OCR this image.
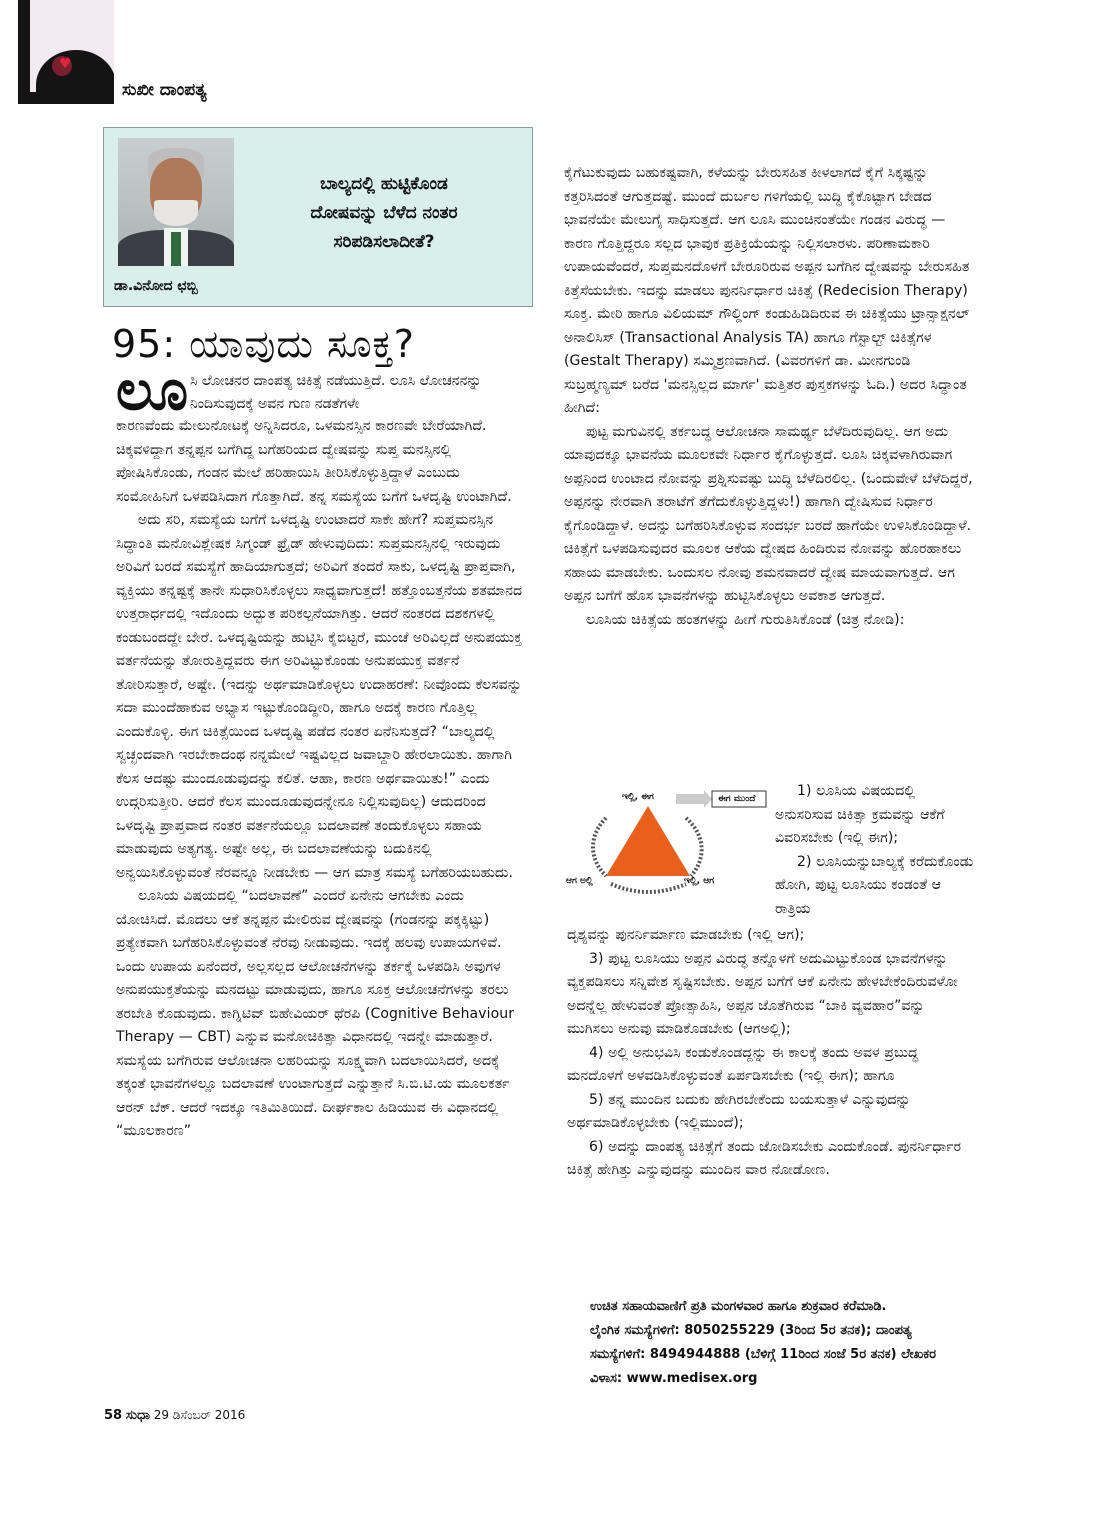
♥
ಸುಖೀ ದಾಂಪತ್ಯ
ಡಾ.ವಿನೋದ ಛಬ್ಬಿ
ಬಾಲ್ಯದಲ್ಲಿ ಹುಟ್ಟಿಕೊಂಡ
ದೋಷವನ್ನು ಬೆಳೆದ ನಂತರ
ಸರಿಪಡಿಸಲಾದೀತೆ?
95: ಯಾವುದು ಸೂಕ್ತ?
ಲೂ ಸಿ ಲೋಚನರ ದಾಂಪತ್ಯ ಚಿಕಿತ್ಸೆ ನಡೆಯುತ್ತಿದೆ. ಲೂಸಿ ಲೋಚನನನ್ನು ನಿಂದಿಸುವುದಕ್ಕೆ ಅವನ ಗುಣ ನಡತೆಗಳೇ

ಕಾರಣವೆಂದು ಮೇಲುನೋಟಕ್ಕೆ ಅನ್ನಿಸಿದರೂ, ಒಳಮನಸ್ಸಿನ ಕಾರಣವೇ ಬೇರೆಯಾಗಿದೆ. ಚಿಕ್ಕವಳಿದ್ದಾಗ ತನ್ನಪ್ಪನ ಬಗೆಗಿದ್ದ ಬಗೆಹರಿಯದ ದ್ವೇಷವನ್ನು ಸುಪ್ತ ಮನಸ್ಸಿನಲ್ಲಿ ಪೋಷಿಸಿಕೊಂಡು, ಗಂಡನ ಮೇಲೆ ಹರಿಹಾಯಿಸಿ ತೀರಿಸಿಕೊಳ್ಳುತ್ತಿದ್ದಾಳೆ ಎಂಬುದು ಸಂಮೋಹಿನಿಗೆ ಒಳಪಡಿಸಿದಾಗ ಗೊತ್ತಾಗಿದೆ. ತನ್ನ ಸಮಸ್ಯೆಯ ಬಗೆಗೆ ಒಳದೃಷ್ಟಿ ಉಂಟಾಗಿದೆ.

ಅದು ಸರಿ, ಸಮಸ್ಯೆಯ ಬಗೆಗೆ ಒಳದೃಷ್ಟಿ ಉಂಟಾದರೆ ಸಾಕೇ ಹೇಗೆ? ಸುಪ್ತಮನಸ್ಸಿನ ಸಿದ್ಧಾಂತಿ ಮನೋವಿಶ್ಲೇಷಕ ಸಿಗ್ಮಂಡ್ ಫ್ರೈಡ್ ಹೇಳುವುದಿದು: ಸುಪ್ತಮನಸ್ಸಿನಲ್ಲಿ ಇರುವುದು ಅರಿವಿಗೆ ಬರದೆ ಸಮಸ್ಯೆಗೆ ಹಾದಿಯಾಗುತ್ತದೆ; ಅರಿವಿಗೆ ತಂದರೆ ಸಾಕು, ಒಳದೃಷ್ಟಿ ಪ್ರಾಪ್ತವಾಗಿ, ವ್ಯಕ್ತಿಯು ತನ್ನಷ್ಟಕ್ಕೆ ತಾನೇ ಸುಧಾರಿಸಿಕೊಳ್ಳಲು ಸಾಧ್ಯವಾಗುತ್ತದೆ! ಹತ್ತೊಂಬತ್ತನೆಯ ಶತಮಾನದ ಉತ್ತರಾರ್ಧದಲ್ಲಿ ಇದೊಂದು ಅದ್ಭುತ ಪರಿಕಲ್ಪನೆಯಾಗಿತ್ತು. ಆದರೆ ನಂತರದ ದಶಕಗಳಲ್ಲಿ ಕಂಡುಬಂದದ್ದೇ ಬೇರೆ. ಒಳದೃಷ್ಟಿಯನ್ನು ಹುಟ್ಟಿಸಿ ಕೈಬಿಟ್ಟರೆ, ಮುಂಚೆ ಅರಿವಿಲ್ಲದೆ ಅನುಪಯುಕ್ತ ವರ್ತನೆಯನ್ನು ತೋರುತ್ತಿದ್ದವರು ಈಗ ಅರಿವಿಟ್ಟುಕೊಂಡು ಅನುಪಯುಕ್ತ ವರ್ತನೆ ತೋರಿಸುತ್ತಾರೆ, ಅಷ್ಟೇ. (ಇದನ್ನು ಅರ್ಥಮಾಡಿಕೊಳ್ಳಲು ಉದಾಹರಣೆ: ನೀವೊಂದು ಕೆಲಸವನ್ನು ಸದಾ ಮುಂದೆಹಾಕುವ ಅಭ್ಯಾಸ ಇಟ್ಟುಕೊಂಡಿದ್ದೀರಿ, ಹಾಗೂ ಅದಕ್ಕೆ ಕಾರಣ ಗೊತ್ತಿಲ್ಲ ಎಂದುಕೊಳ್ಳಿ. ಈಗ ಚಿಕಿತ್ಸೆಯಿಂದ ಒಳದೃಷ್ಟಿ ಪಡೆದ ನಂತರ ಏನೆನಿಸುತ್ತದೆ? “ಬಾಲ್ಯದಲ್ಲಿ ಸ್ವಚ್ಛಂದವಾಗಿ ಇರಬೇಕಾದಂಥ ನನ್ನಮೇಲೆ ಇಷ್ಟವಿಲ್ಲದ ಜವಾಬ್ದಾರಿ ಹೇರಲಾಯಿತು. ಹಾಗಾಗಿ ಕೆಲಸ ಆದಷ್ಟು ಮುಂದೂಡುವುದನ್ನು ಕಲಿತೆ. ಆಹಾ, ಕಾರಣ ಅರ್ಥವಾಯಿತು!” ಎಂದು ಉದ್ಗರಿಸುತ್ತೀರಿ. ಆದರೆ ಕೆಲಸ ಮುಂದೂಡುವುದನ್ನೇನೂ ನಿಲ್ಲಿಸುವುದಿಲ್ಲ) ಆದುದರಿಂದ ಒಳದೃಷ್ಟಿ ಪ್ರಾಪ್ತವಾದ ನಂತರ ವರ್ತನೆಯಲ್ಲೂ ಬದಲಾವಣೆ ತಂದುಕೊಳ್ಳಲು ಸಹಾಯ ಮಾಡುವುದು ಅತ್ಯಗತ್ಯ. ಅಷ್ಟೇ ಅಲ್ಲ, ಈ ಬದಲಾವಣೆಯನ್ನು ಬದುಕಿನಲ್ಲಿ ಅನ್ವಯಿಸಿಕೊಳ್ಳುವಂತೆ ನೆರವನ್ನೂ ನೀಡಬೇಕು — ಆಗ ಮಾತ್ರ ಸಮಸ್ಯೆ ಬಗೆಹರಿಯಬಹುದು.

ಲೂಸಿಯ ವಿಷಯದಲ್ಲಿ “ಬದಲಾವಣೆ” ಎಂದರೆ ಏನೇನು ಆಗಬೇಕು ಎಂದು ಯೋಚಿಸಿದೆ. ಮೊದಲು ಆಕೆ ತನ್ನಪ್ಪನ ಮೇಲಿರುವ ದ್ವೇಷವನ್ನು (ಗಂಡನನ್ನು ಪಕ್ಕಕ್ಕಿಟ್ಟು) ಪ್ರತ್ಯೇಕವಾಗಿ ಬಗೆಹರಿಸಿಕೊಳ್ಳುವಂತೆ ನೆರವು ನೀಡುವುದು. ಇದಕ್ಕೆ ಹಲವು ಉಪಾಯಗಳಿವೆ. ಒಂದು ಉಪಾಯ ಏನೆಂದರೆ, ಅಲ್ಲಸಲ್ಲದ ಆಲೋಚನೆಗಳನ್ನು ತರ್ಕಕ್ಕೆ ಒಳಪಡಿಸಿ ಅವುಗಳ ಅನುಪಯುಕ್ತತೆಯನ್ನು ಮನದಟ್ಟು ಮಾಡುವುದು, ಹಾಗೂ ಸೂಕ್ತ ಆಲೋಚನೆಗಳನ್ನು ತರಲು ತರಬೇತಿ ಕೊಡುವುದು. ಕಾಗ್ನಿಟಿವ್ ಬಿಹೇವಿಯರ್ ಥೆರಪಿ (Cognitive Behaviour Therapy — CBT) ಎನ್ನುವ ಮನೋಚಿಕಿತ್ಸಾ ವಿಧಾನದಲ್ಲಿ ಇದನ್ನೇ ಮಾಡುತ್ತಾರೆ. ಸಮಸ್ಯೆಯ ಬಗೆಗಿರುವ ಆಲೋಚನಾ ಲಹರಿಯನ್ನು ಸೂಕ್ಷ್ಮವಾಗಿ ಬದಲಾಯಿಸಿದರೆ, ಅದಕ್ಕೆ ತಕ್ಕಂತೆ ಭಾವನೆಗಳಲ್ಲೂ ಬದಲಾವಣೆ ಉಂಟಾಗುತ್ತದೆ ಎನ್ನುತ್ತಾನೆ ಸಿ.ಬಿ.ಟಿ.ಯ ಮೂಲಕರ್ತ ಆರನ್ ಬೆಕ್. ಆದರೆ ಇದಕ್ಕೂ ಇತಿಮಿತಿಯಿದೆ. ದೀರ್ಘಕಾಲ ಹಿಡಿಯುವ ಈ ವಿಧಾನದಲ್ಲಿ “ಮೂಲಕಾರಣ”

ಕೈಗೆಟುಕುವುದು ಬಹುಕಷ್ಟವಾಗಿ, ಕಳೆಯನ್ನು ಬೇರುಸಹಿತ ಕೀಳಲಾಗದೆ ಕೈಗೆ ಸಿಕ್ಕಷ್ಟನ್ನು ಕತ್ತರಿಸಿದಂತೆ ಆಗುತ್ತದಷ್ಟೆ. ಮುಂದೆ ದುರ್ಬಲ ಗಳಿಗೆಯಲ್ಲಿ ಬುದ್ಧಿ ಕೈಕೊಟ್ಟಾಗ ಬೇಡದ ಭಾವನೆಯೇ ಮೇಲುಗೈ ಸಾಧಿಸುತ್ತದೆ. ಆಗ ಲೂಸಿ ಮುಂಚಿನಂತೆಯೇ ಗಂಡನ ವಿರುದ್ಧ — ಕಾರಣ ಗೊತ್ತಿದ್ದರೂ ಸಲ್ಲದ ಭಾವುಕ ಪ್ರತಿಕ್ರಿಯೆಯನ್ನು ನಿಲ್ಲಿಸಲಾರಳು. ಪರಿಣಾಮಕಾರಿ ಉಪಾಯವೆಂದರೆ, ಸುಪ್ತಮನದೊಳಗೆ ಬೇರೂರಿರುವ ಅಪ್ಪನ ಬಗೆಗಿನ ದ್ವೇಷವನ್ನು ಬೇರುಸಹಿತ ಕಿತ್ತೆಸೆಯಬೇಕು. ಇದನ್ನು ಮಾಡಲು ಪುನರ್ನಿರ್ಧಾರ ಚಿಕಿತ್ಸೆ (Redecision Therapy) ಸೂಕ್ತ. ಮೇರಿ ಹಾಗೂ ವಿಲಿಯಮ್ ಗೌಲ್ಡಿಂಗ್ ಕಂಡುಹಿಡಿದಿರುವ ಈ ಚಿಕಿತ್ಸೆಯು ಟ್ರಾನ್ಸಾಕ್ಷನಲ್ ಅನಾಲಿಸಿಸ್ (Transactional Analysis TA) ಹಾಗೂ ಗೆಸ್ಟಾಲ್ಟ್ ಚಿಕಿತ್ಸೆಗಳ (Gestalt Therapy) ಸಮ್ಮಿಶ್ರಣವಾಗಿದೆ. (ವಿವರಗಳಿಗೆ ಡಾ. ಮೀನಗುಂಡಿ ಸುಬ್ರಹ್ಮಣ್ಯಮ್ ಬರೆದ 'ಮನಸ್ಸಿಲ್ಲದ ಮಾರ್ಗ' ಮತ್ತಿತರ ಪುಸ್ತಕಗಳನ್ನು ಓದಿ.) ಅದರ ಸಿದ್ಧಾಂತ ಹೀಗಿದೆ:

ಪುಟ್ಟ ಮಗುವಿನಲ್ಲಿ ತರ್ಕಬದ್ಧ ಆಲೋಚನಾ ಸಾಮರ್ಥ್ಯ ಬೆಳೆದಿರುವುದಿಲ್ಲ. ಆಗ ಅದು ಯಾವುದಕ್ಕೂ ಭಾವನೆಯ ಮೂಲಕವೇ ನಿರ್ಧಾರ ಕೈಗೊಳ್ಳುತ್ತದೆ. ಲೂಸಿ ಚಿಕ್ಕವಳಾಗಿರುವಾಗ ಅಪ್ಪನಿಂದ ಉಂಟಾದ ನೋವನ್ನು ಪ್ರಶ್ನಿಸುವಷ್ಟು ಬುದ್ಧಿ ಬೆಳೆದಿರಲಿಲ್ಲ. (ಒಂದುವೇಳೆ ಬೆಳೆದಿದ್ದರೆ, ಅಪ್ಪನನ್ನು ನೇರವಾಗಿ ತರಾಟೆಗೆ ತೆಗೆದುಕೊಳ್ಳುತ್ತಿದ್ದಳು!) ಹಾಗಾಗಿ ದ್ವೇಷಿಸುವ ನಿರ್ಧಾರ ಕೈಗೊಂಡಿದ್ದಾಳೆ. ಅದನ್ನು ಬಗೆಹರಿಸಿಕೊಳ್ಳುವ ಸಂದರ್ಭ ಬರದೆ ಹಾಗೆಯೇ ಉಳಿಸಿಕೊಂಡಿದ್ದಾಳೆ. ಚಿಕಿತ್ಸೆಗೆ ಒಳಪಡಿಸುವುದರ ಮೂಲಕ ಆಕೆಯ ದ್ವೇಷದ ಹಿಂದಿರುವ ನೋವನ್ನು ಹೊರಹಾಕಲು ಸಹಾಯ ಮಾಡಬೇಕು. ಒಂದುಸಲ ನೋವು ಶಮನವಾದರೆ ದ್ವೇಷ ಮಾಯವಾಗುತ್ತದೆ. ಆಗ ಅಪ್ಪನ ಬಗೆಗೆ ಹೊಸ ಭಾವನೆಗಳನ್ನು ಹುಟ್ಟಿಸಿಕೊಳ್ಳಲು ಅವಕಾಶ ಆಗುತ್ತದೆ.

ಲೂಸಿಯ ಚಿಕಿತ್ಸೆಯ ಹಂತಗಳನ್ನು ಹೀಗೆ ಗುರುತಿಸಿಕೊಂಡೆ (ಚಿತ್ರ ನೋಡಿ):

ಇಲ್ಲಿ, ಈಗ	ಈಗ ಮುಂದೆ
ಆಗ ಅಲ್ಲಿ	ಇಲ್ಲಿ, ಆಗ

1) ಲೂಸಿಯ ವಿಷಯದಲ್ಲಿ ಅನುಸರಿಸುವ ಚಿಕಿತ್ಸಾ ಕ್ರಮವನ್ನು ಆಕೆಗೆ ವಿವರಿಸಬೇಕು (ಇಲ್ಲಿ ಈಗ);

2) ಲೂಸಿಯನ್ನುಬಾಲ್ಯಕ್ಕೆ ಕರೆದುಕೊಂಡು ಹೋಗಿ, ಪುಟ್ಟ ಲೂಸಿಯು ಕಂಡಂತೆ ಆ ರಾತ್ರಿಯ

ದೃಶ್ಯವನ್ನು ಪುನರ್ನಿರ್ಮಾಣ ಮಾಡಬೇಕು (ಇಲ್ಲಿ ಆಗ);

3) ಪುಟ್ಟ ಲೂಸಿಯು ಅಪ್ಪನ ವಿರುದ್ಧ ತನ್ನೊಳಗೆ ಅದುಮಿಟ್ಟುಕೊಂಡ ಭಾವನೆಗಳನ್ನು ವ್ಯಕ್ತಪಡಿಸಲು ಸನ್ನಿವೇಶ ಸೃಷ್ಟಿಸಬೇಕು. ಅಪ್ಪನ ಬಗೆಗೆ ಆಕೆ ಏನೇನು ಹೇಳಬೇಕೆಂದಿರುವಳೋ ಅದನ್ನೆಲ್ಲ ಹೇಳುವಂತೆ ಪ್ರೋತ್ಸಾಹಿಸಿ, ಅಪ್ಪನ ಜೊತೆಗಿರುವ “ಬಾಕಿ ವ್ಯವಹಾರ”ವನ್ನು ಮುಗಿಸಲು ಅನುವು ಮಾಡಿಕೊಡಬೇಕು (ಆಗಅಲ್ಲಿ);

4) ಅಲ್ಲಿ ಅನುಭವಿಸಿ ಕಂಡುಕೊಂಡದ್ದನ್ನು ಈ ಕಾಲಕ್ಕೆ ತಂದು ಅವಳ ಪ್ರಬುದ್ಧ ಮನದೊಳಗೆ ಅಳವಡಿಸಿಕೊಳ್ಳುವಂತೆ ಏರ್ಪಡಿಸಬೇಕು (ಇಲ್ಲಿ ಈಗ); ಹಾಗೂ

5) ತನ್ನ ಮುಂದಿನ ಬದುಕು ಹೇಗಿರಬೇಕೆಂದು ಬಯಸುತ್ತಾಳೆ ಎನ್ನುವುದನ್ನು ಅರ್ಥಮಾಡಿಕೊಳ್ಳಬೇಕು (ಇಲ್ಲಿಮುಂದೆ);

6) ಅದನ್ನು ದಾಂಪತ್ಯ ಚಿಕಿತ್ಸೆಗೆ ತಂದು ಜೋಡಿಸಬೇಕು ಎಂದುಕೊಂಡೆ. ಪುನರ್ನಿರ್ಧಾರ ಚಿಕಿತ್ಸೆ ಹೇಗಿತ್ತು ಎನ್ನುವುದನ್ನು ಮುಂದಿನ ವಾರ ನೋಡೋಣ.

ಉಚಿತ ಸಹಾಯವಾಣಿಗೆ ಪ್ರತಿ ಮಂಗಳವಾರ ಹಾಗೂ ಶುಕ್ರವಾರ ಕರೆಮಾಡಿ.
ಲೈಂಗಿಕ ಸಮಸ್ಯೆಗಳಿಗೆ: 8050255229 (3ರಿಂದ 5ರ ತನಕ); ದಾಂಪತ್ಯ
ಸಮಸ್ಯೆಗಳಿಗೆ: 8494944888 (ಬೆಳಿಗ್ಗೆ 11ರಿಂದ ಸಂಜೆ 5ರ ತನಕ) ಲೇಖಕರ
ವಿಳಾಸ: www.medisex.org
58 ಸುಧಾ 29 ಡಿಸೆಂಬರ್ 2016
